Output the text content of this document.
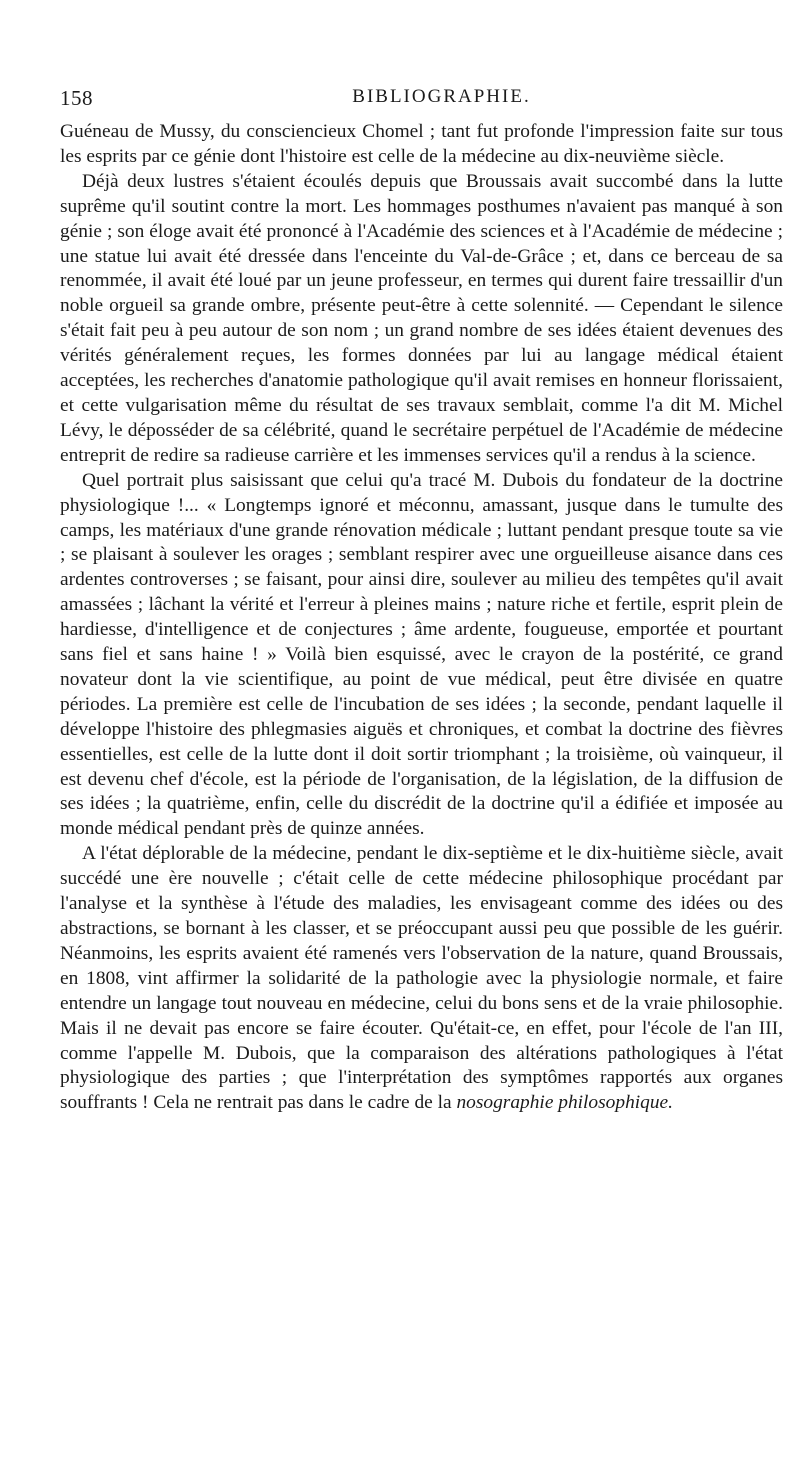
158	BIBLIOGRAPHIE.

Guéneau de Mussy, du consciencieux Chomel ; tant fut profonde l'impression faite sur tous les esprits par ce génie dont l'histoire est celle de la médecine au dix-neuvième siècle.

Déjà deux lustres s'étaient écoulés depuis que Broussais avait succombé dans la lutte suprême qu'il soutint contre la mort. Les hommages posthumes n'avaient pas manqué à son génie ; son éloge avait été prononcé à l'Académie des sciences et à l'Académie de médecine ; une statue lui avait été dressée dans l'enceinte du Val-de-Grâce ; et, dans ce berceau de sa renommée, il avait été loué par un jeune professeur, en termes qui durent faire tressaillir d'un noble orgueil sa grande ombre, présente peut-être à cette solennité. — Cependant le silence s'était fait peu à peu autour de son nom ; un grand nombre de ses idées étaient devenues des vérités généralement reçues, les formes données par lui au langage médical étaient acceptées, les recherches d'anatomie pathologique qu'il avait remises en honneur florissaient, et cette vulgarisation même du résultat de ses travaux semblait, comme l'a dit M. Michel Lévy, le déposséder de sa célébrité, quand le secrétaire perpétuel de l'Académie de médecine entreprit de redire sa radieuse carrière et les immenses services qu'il a rendus à la science.

Quel portrait plus saisissant que celui qu'a tracé M. Dubois du fondateur de la doctrine physiologique !... « Longtemps ignoré et méconnu, amassant, jusque dans le tumulte des camps, les matériaux d'une grande rénovation médicale ; luttant pendant presque toute sa vie ; se plaisant à soulever les orages ; semblant respirer avec une orgueilleuse aisance dans ces ardentes controverses ; se faisant, pour ainsi dire, soulever au milieu des tempêtes qu'il avait amassées ; lâchant la vérité et l'erreur à pleines mains ; nature riche et fertile, esprit plein de hardiesse, d'intelligence et de conjectures ; âme ardente, fougueuse, emportée et pourtant sans fiel et sans haine ! » Voilà bien esquissé, avec le crayon de la postérité, ce grand novateur dont la vie scientifique, au point de vue médical, peut être divisée en quatre périodes. La première est celle de l'incubation de ses idées ; la seconde, pendant laquelle il développe l'histoire des phlegmasies aiguës et chroniques, et combat la doctrine des fièvres essentielles, est celle de la lutte dont il doit sortir triomphant ; la troisième, où vainqueur, il est devenu chef d'école, est la période de l'organisation, de la législation, de la diffusion de ses idées ; la quatrième, enfin, celle du discrédit de la doctrine qu'il a édifiée et imposée au monde médical pendant près de quinze années.

A l'état déplorable de la médecine, pendant le dix-septième et le dix-huitième siècle, avait succédé une ère nouvelle ; c'était celle de cette médecine philosophique procédant par l'analyse et la synthèse à l'étude des maladies, les envisageant comme des idées ou des abstractions, se bornant à les classer, et se préoccupant aussi peu que possible de les guérir. Néanmoins, les esprits avaient été ramenés vers l'observation de la nature, quand Broussais, en 1808, vint affirmer la solidarité de la pathologie avec la physiologie normale, et faire entendre un langage tout nouveau en médecine, celui du bons sens et de la vraie philosophie. Mais il ne devait pas encore se faire écouter. Qu'était-ce, en effet, pour l'école de l'an III, comme l'appelle M. Dubois, que la comparaison des altérations pathologiques à l'état physiologique des parties ; que l'interprétation des symptômes rapportés aux organes souffrants ! Cela ne rentrait pas dans le cadre de la nosographie philosophique.
